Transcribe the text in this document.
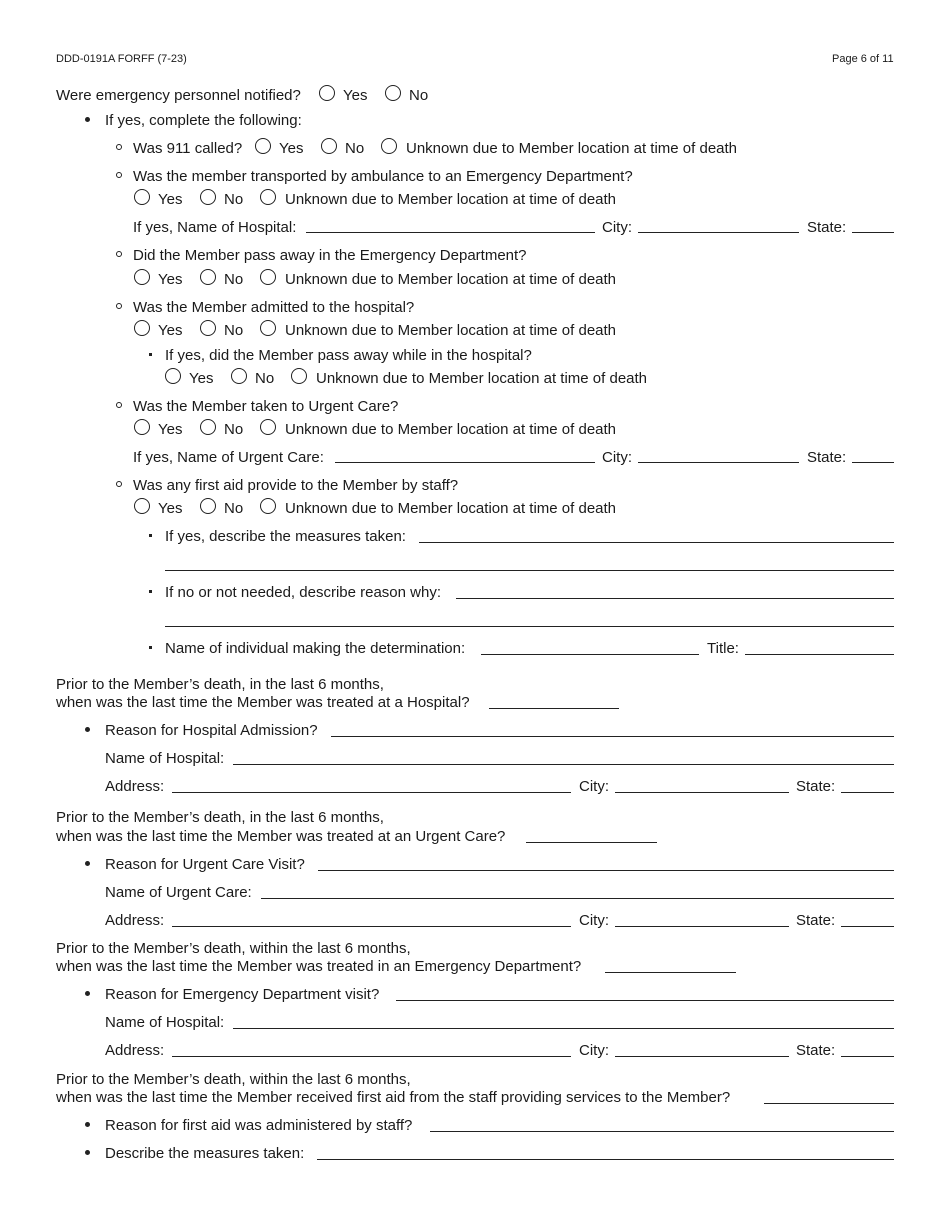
DDD-0191A FORFF (7-23)	Page 6 of 11
Were emergency personnel notified?	Yes	No
If yes, complete the following:
Was 911 called? Yes	No	Unknown due to Member location at time of death
Was the member transported by ambulance to an Emergency Department?
Yes	No	Unknown due to Member location at time of death
If yes, Name of Hospital:	City:	State:
Did the Member pass away in the Emergency Department?
Yes	No	Unknown due to Member location at time of death
Was the Member admitted to the hospital?
Yes	No	Unknown due to Member location at time of death
If yes, did the Member pass away while in the hospital?
Yes	No	Unknown due to Member location at time of death
Was the Member taken to Urgent Care?
Yes	No	Unknown due to Member location at time of death
If yes, Name of Urgent Care:	City:	State:
Was any first aid provide to the Member by staff?
Yes	No	Unknown due to Member location at time of death
If yes, describe the measures taken:
If no or not needed, describe reason why:
Name of individual making the determination:	Title:
Prior to the Member’s death, in the last 6 months,
when was the last time the Member was treated at a Hospital?
Reason for Hospital Admission?
Name of Hospital:
Address:	City:	State:
Prior to the Member’s death, in the last 6 months,
when was the last time the Member was treated at an Urgent Care?
Reason for Urgent Care Visit?
Name of Urgent Care:
Address:	City:	State:
Prior to the Member’s death, within the last 6 months,
when was the last time the Member was treated in an Emergency Department?
Reason for Emergency Department visit?
Name of Hospital:
Address:	City:	State:
Prior to the Member’s death, within the last 6 months,
when was the last time the Member received first aid from the staff providing services to the Member?
Reason for first aid was administered by staff?
Describe the measures taken:
